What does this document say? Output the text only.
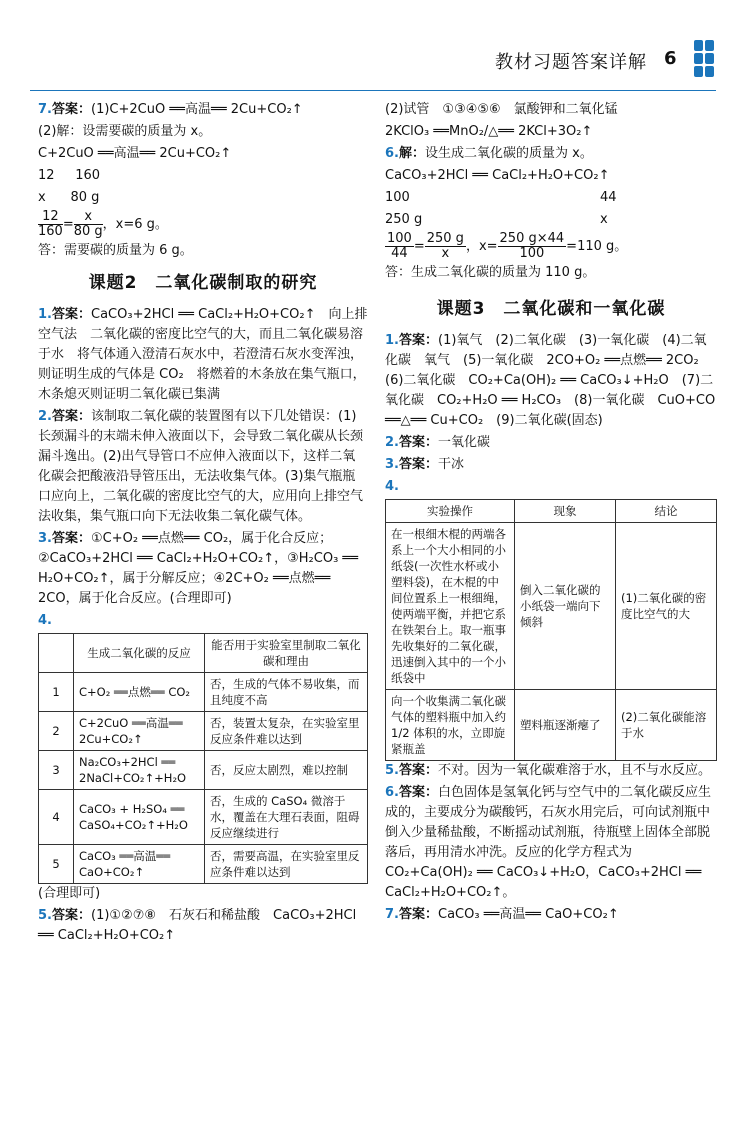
教材习题答案详解 6

7.答案：(1)C+2CuO ══高温══ 2Cu+CO₂↑

(2)解：设需要碳的质量为 x。

C+2CuO ══高温══ 2Cu+CO₂↑

12     160

x      80 g

$\frac{12}{160}= \frac{x}{80 g}$，x=6 g。

答：需要碳的质量为 6 g。

课题2　二氧化碳制取的研究

1.答案：CaCO₃+2HCl ══ CaCl₂+H₂O+CO₂↑　向上排空气法　二氧化碳的密度比空气的大，而且二氧化碳易溶于水　将气体通入澄清石灰水中，若澄清石灰水变浑浊，则证明生成的气体是 CO₂　将燃着的木条放在集气瓶口，木条熄灭则证明二氧化碳已集满

2.答案：该制取二氧化碳的装置图有以下几处错误：(1)长颈漏斗的末端未伸入液面以下，会导致二氧化碳从长颈漏斗逸出。(2)出气导管口不应伸入液面以下，这样二氧化碳会把酸液沿导管压出，无法收集气体。(3)集气瓶瓶口应向上，二氧化碳的密度比空气的大，应用向上排空气法收集，集气瓶口向下无法收集二氧化碳气体。

3.答案：①C+O₂ ══点燃══ CO₂，属于化合反应；②CaCO₃+2HCl ══ CaCl₂+H₂O+CO₂↑，③H₂CO₃ ══ H₂O+CO₂↑，属于分解反应；④2C+O₂ ══点燃══ 2CO，属于化合反应。(合理即可)

4.

	生成二氧化碳的反应	能否用于实验室里制取二氧化碳和理由
1	C+O₂ ══点燃══ CO₂	否，生成的气体不易收集，而且纯度不高
2	C+2CuO ══高温══ 2Cu+CO₂↑	否，装置太复杂，在实验室里反应条件难以达到
3	Na₂CO₃+2HCl ══ 2NaCl+CO₂↑+H₂O	否，反应太剧烈，难以控制
4	CaCO₃ + H₂SO₄ ══ CaSO₄+CO₂↑+H₂O	否，生成的 CaSO₄ 微溶于水，覆盖在大理石表面，阻碍反应继续进行
5	CaCO₃ ══高温══ CaO+CO₂↑	否，需要高温，在实验室里反应条件难以达到

(合理即可)

5.答案：(1)①②⑦⑧　石灰石和稀盐酸　CaCO₃+2HCl ══ CaCl₂+H₂O+CO₂↑

(2)试管　①③④⑤⑥　氯酸钾和二氧化锰

2KClO₃ ══MnO₂/△══ 2KCl+3O₂↑

6.解：设生成二氧化碳的质量为 x。

CaCO₃+2HCl ══ CaCl₂+H₂O+CO₂↑

100	44

250 g	x

$\frac{100}{44}= \frac{250 g}{x}$，$x= \frac{250 g\times 44}{100}=110$ g。

答：生成二氧化碳的质量为 110 g。

课题3　二氧化碳和一氧化碳

1.答案：(1)氧气　(2)二氧化碳　(3)一氧化碳　(4)二氧化碳　氧气　(5)一氧化碳　2CO+O₂ ══点燃══ 2CO₂　(6)二氧化碳　CO₂+Ca(OH)₂ ══ CaCO₃↓+H₂O　(7)二氧化碳　CO₂+H₂O ══ H₂CO₃　(8)一氧化碳　CuO+CO ══△══ Cu+CO₂　(9)二氧化碳(固态)

2.答案：一氧化碳

3.答案：干冰

4.

实验操作	现象	结论
在一根细木棍的两端各系上一个大小相同的小纸袋(一次性水杯或小塑料袋)，在木棍的中间位置系上一根细绳，使两端平衡，并把它系在铁架台上。取一瓶事先收集好的二氧化碳，迅速倒入其中的一个小纸袋中	倒入二氧化碳的小纸袋一端向下倾斜	(1)二氧化碳的密度比空气的大
向一个收集满二氧化碳气体的塑料瓶中加入约 1/2 体积的水，立即旋紧瓶盖	塑料瓶逐渐瘪了	(2)二氧化碳能溶于水

5.答案：不对。因为一氧化碳难溶于水，且不与水反应。

6.答案：白色固体是氢氧化钙与空气中的二氧化碳反应生成的，主要成分为碳酸钙，石灰水用完后，可向试剂瓶中倒入少量稀盐酸，不断摇动试剂瓶，待瓶壁上固体全部脱落后，再用清水冲洗。反应的化学方程式为 CO₂+Ca(OH)₂ ══ CaCO₃↓+H₂O，CaCO₃+2HCl ══ CaCl₂+H₂O+CO₂↑。

7.答案：CaCO₃ ══高温══ CaO+CO₂↑
